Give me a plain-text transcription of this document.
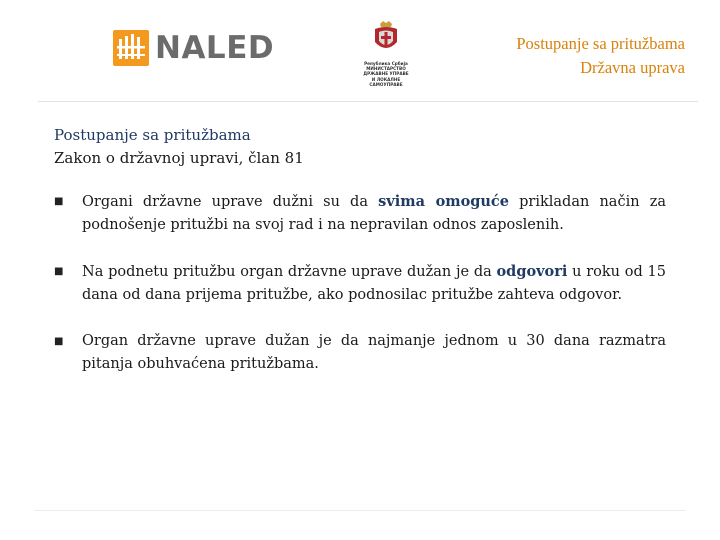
NALED	Република Србија
МИНИСТАРСТВО
ДРЖАВНЕ УПРАВЕ
И ЛОКАЛНЕ
САМОУПРАВЕ
Postupanje sa pritužbama
Državna uprava
Postupanje sa pritužbama
Zakon o državnoj upravi, član 81
■	Organi državne uprave dužni su da svima omoguće prikladan način za podnošenje pritužbi na svoj rad i na nepravilan odnos zaposlenih.
■	Na podnetu pritužbu organ državne uprave dužan je da odgovori u roku od 15 dana od dana prijema pritužbe, ako podnosilac pritužbe zahteva odgovor.
■	Organ državne uprave dužan je da najmanje jednom u 30 dana razmatra pitanja obuhvaćena pritužbama.
